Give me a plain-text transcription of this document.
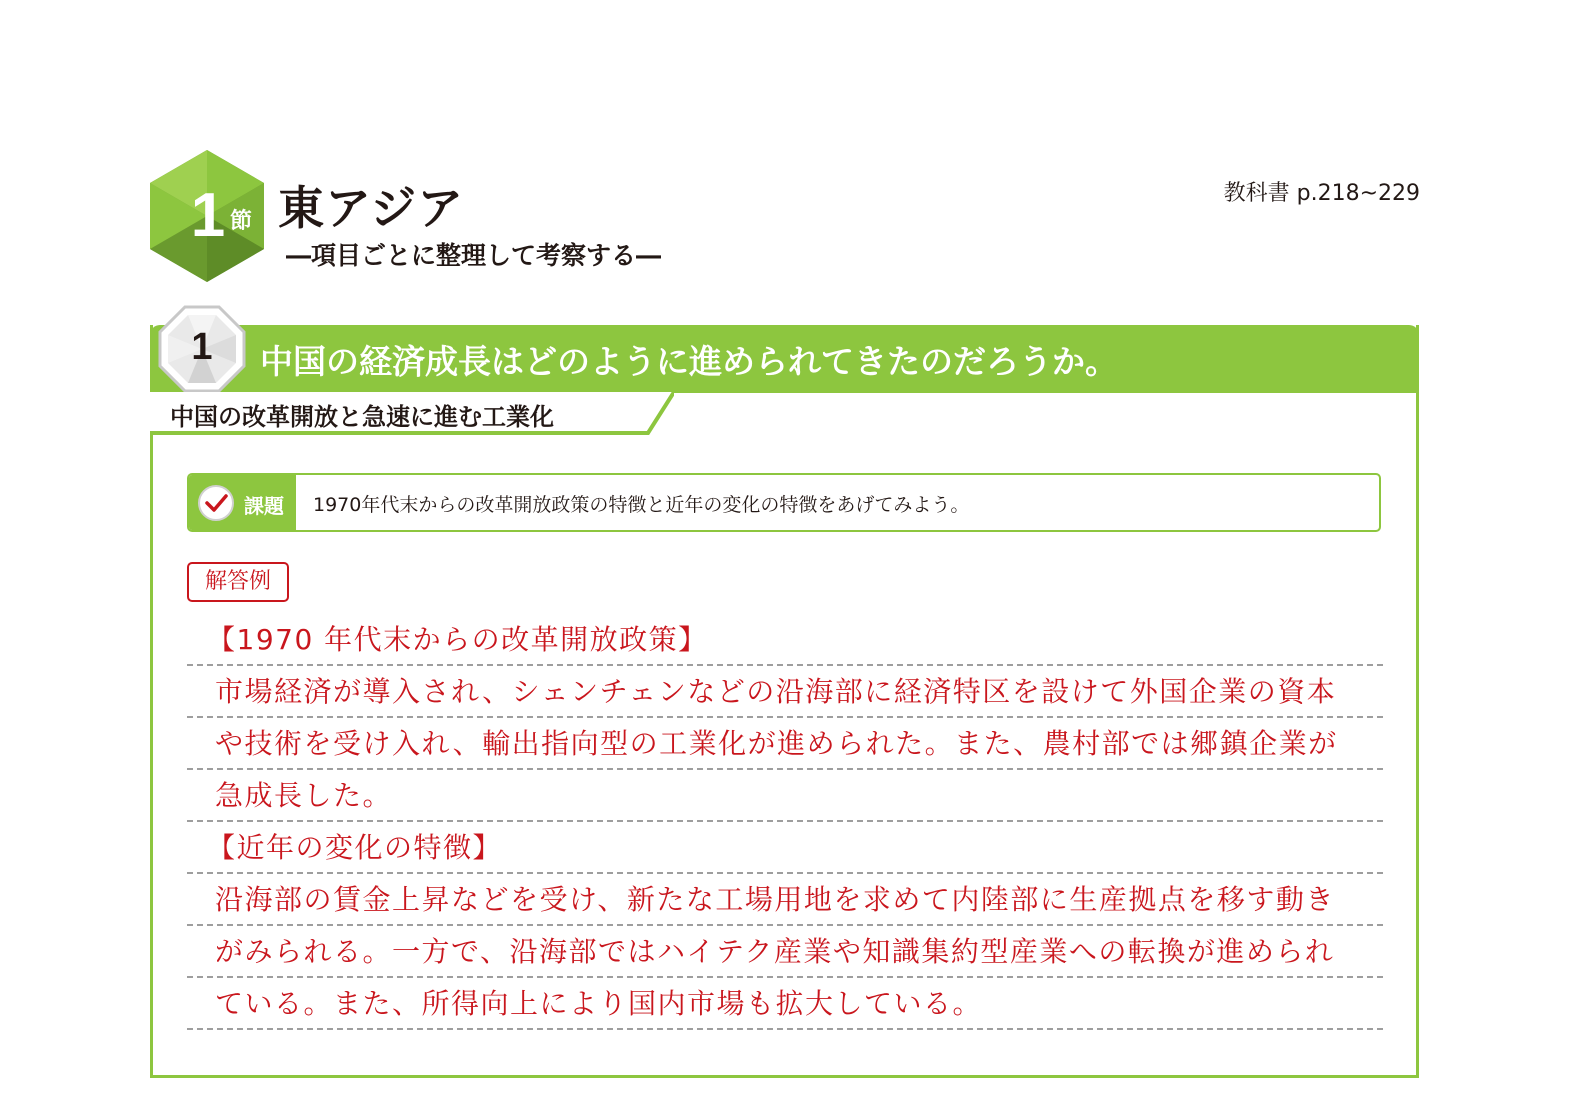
1 節 東アジア
―項目ごとに整理して考察する―
教科書 p.218~229
1	中国の経済成長はどのように進められてきたのだろうか。
中国の改革開放と急速に進む工業化
課題 1970年代末からの改革開放政策の特徴と近年の変化の特徴をあげてみよう。
解答例
【1970 年代末からの改革開放政策】
市場経済が導入され、シェンチェンなどの沿海部に経済特区を設けて外国企業の資本
や技術を受け入れ、輸出指向型の工業化が進められた。また、農村部では郷鎮企業が
急成長した。
【近年の変化の特徴】
沿海部の賃金上昇などを受け、新たな工場用地を求めて内陸部に生産拠点を移す動き
がみられる。一方で、沿海部ではハイテク産業や知識集約型産業への転換が進められ
ている。また、所得向上により国内市場も拡大している。
